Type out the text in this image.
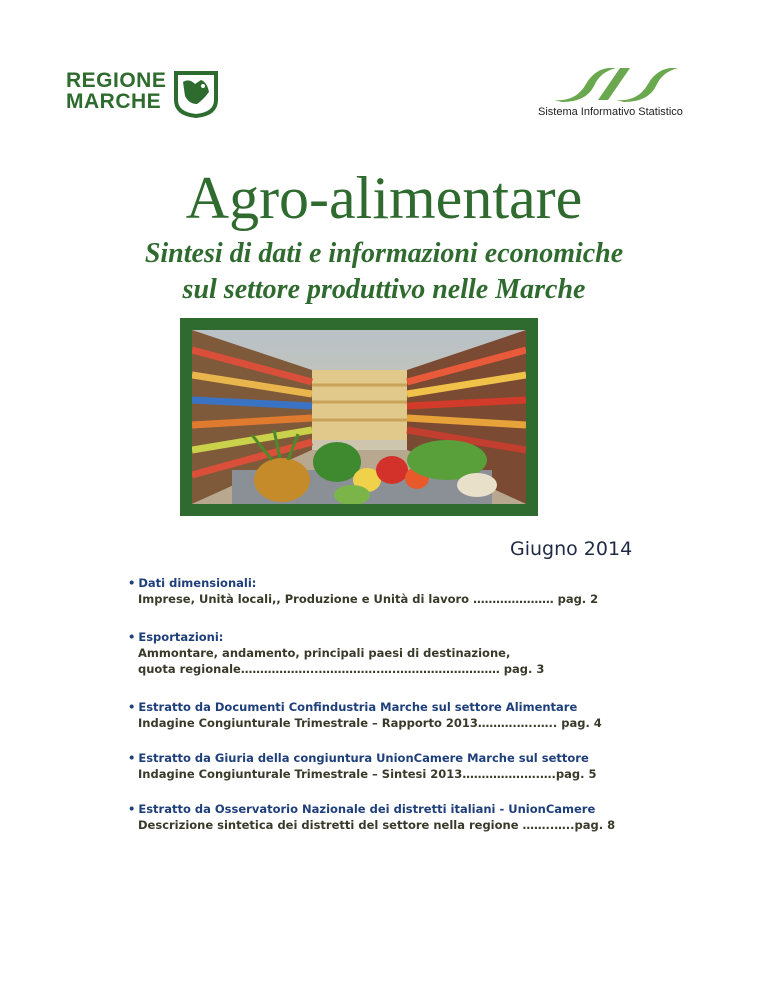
REGIONE
MARCHE	Sistema Informativo Statistico
Agro-alimentare
Sintesi di dati e informazioni economiche
sul settore produttivo nelle Marche
Giugno 2014
• Dati dimensionali:
Imprese, Unità locali,, Produzione e Unità di lavoro ………………… pag. 2
• Esportazioni:
Ammontare, andamento, principali paesi di destinazione,
quota regionale………………..…………….….……………………… pag. 3
• Estratto da Documenti Confindustria Marche sul settore Alimentare
Indagine Congiunturale Trimestrale – Rapporto 2013……….…..….. pag. 4
• Estratto da Giuria della congiuntura UnionCamere Marche sul settore
Indagine Congiunturale Trimestrale – Sintesi 2013…………….….….pag. 5
• Estratto da Osservatorio Nazionale dei distretti italiani - UnionCamere
Descrizione sintetica dei distretti del settore nella regione ……..…..pag. 8
